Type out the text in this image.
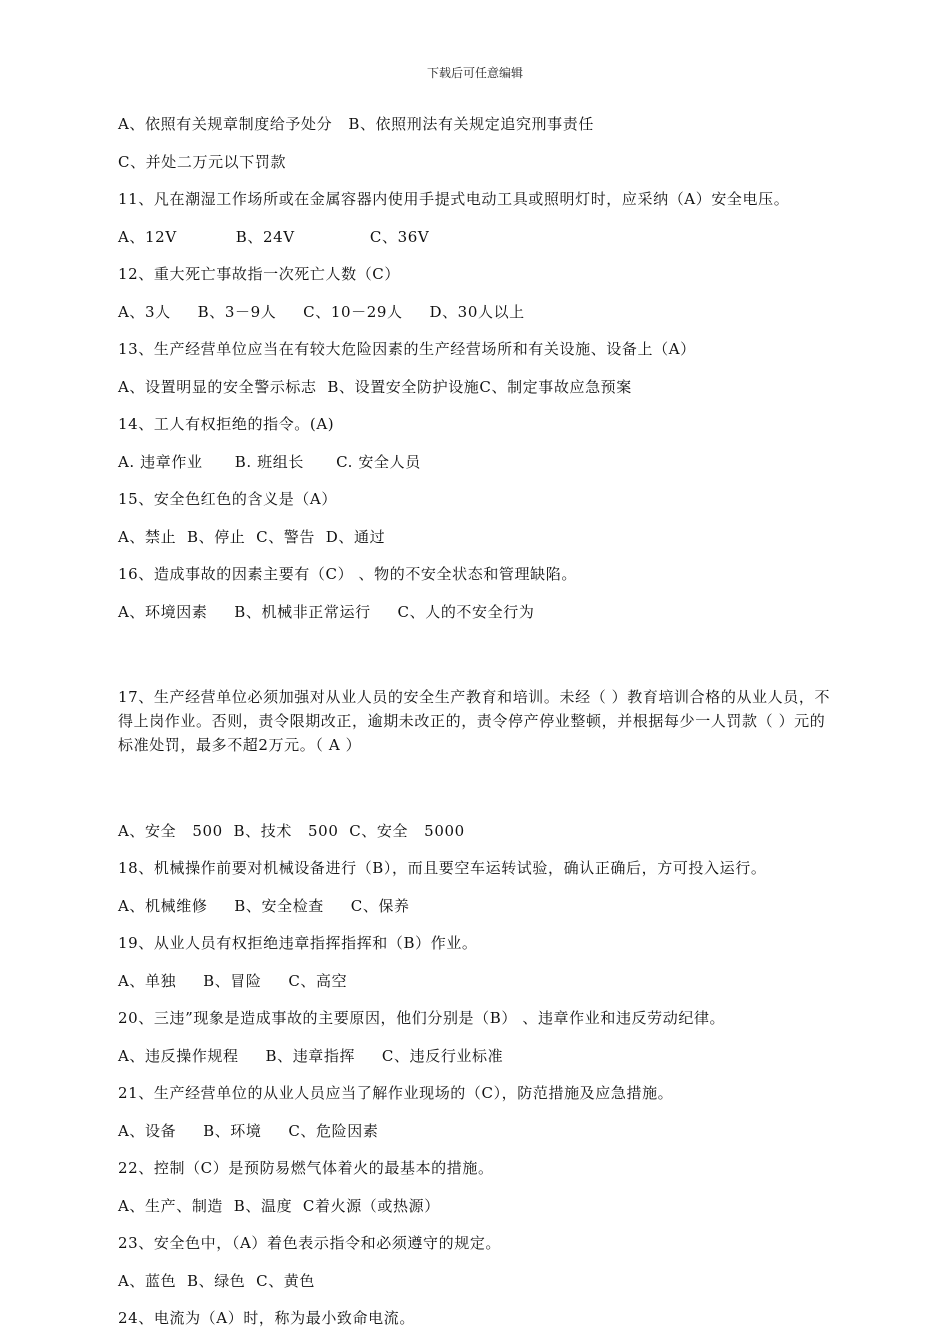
下载后可任意编辑
A、依照有关规章制度给予处分   B、依照刑法有关规定追究刑事责任
C、并处二万元以下罚款
11、凡在潮湿工作场所或在金属容器内使用手提式电动工具或照明灯时，应采纳（A）安全电压。
A、12V           B、24V              C、36V
12、重大死亡事故指一次死亡人数（C）
A、3人     B、3－9人     C、10－29人     D、30人以上
13、生产经营单位应当在有较大危险因素的生产经营场所和有关设施、设备上（A）
A、设置明显的安全警示标志  B、设置安全防护设施C、制定事故应急预案
14、工人有权拒绝的指令。(A)
A. 违章作业      B. 班组长      C. 安全人员
15、安全色红色的含义是（A）
A、禁止  B、停止  C、警告  D、通过
16、造成事故的因素主要有（C） 、物的不安全状态和管理缺陷。
A、环境因素     B、机械非正常运行     C、人的不安全行为

17、生产经营单位必须加强对从业人员的安全生产教育和培训。未经（ ）教育培训合格的从业人员，不得上岗作业。否则，责令限期改正，逾期未改正的，责令停产停业整顿，并根据每少一人罚款（ ）元的标准处罚，最多不超2万元。（ A ）

A、安全   500  B、技术   500  C、安全   5000
18、机械操作前要对机械设备进行（B），而且要空车运转试验，确认正确后，方可投入运行。
A、机械维修     B、安全检查     C、保养
19、从业人员有权拒绝违章指挥指挥和（B）作业。
A、单独     B、冒险     C、高空
20、三违”现象是造成事故的主要原因，他们分别是（B） 、违章作业和违反劳动纪律。
A、违反操作规程     B、违章指挥     C、违反行业标准
21、生产经营单位的从业人员应当了解作业现场的（C），防范措施及应急措施。
A、设备     B、环境     C、危险因素
22、控制（C）是预防易燃气体着火的最基本的措施。
A、生产、制造  B、温度  C着火源（或热源）
23、安全色中，（A）着色表示指令和必须遵守的规定。
A、蓝色  B、绿色  C、黄色
24、电流为（A）时，称为最小致命电流。
